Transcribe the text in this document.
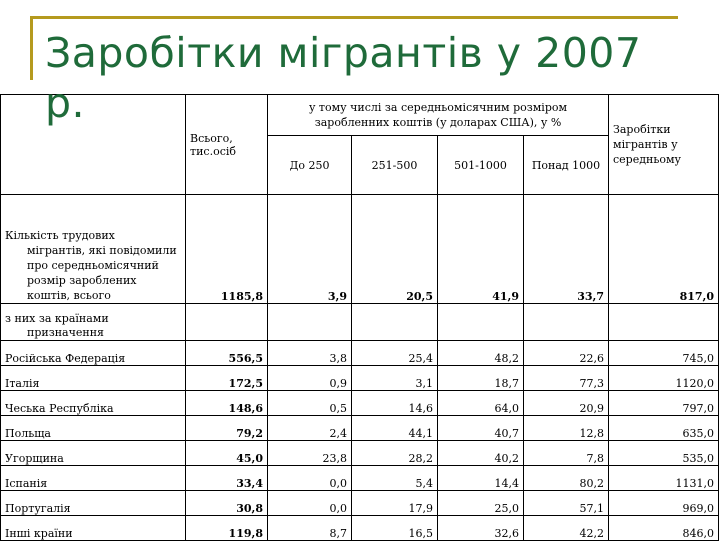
Заробітки мігрантів у 2007 р.
	Всього, тис.осіб	у тому числі за середньомісячним розміром заробленних коштів (у доларах США), у %				Заробітки мігрантів у середньому
		До 250	251-500	501-1000	Понад 1000	

Кількість трудових
мігрантів, які повідомили про середньомісячний розмір зароблених коштів, всього	1185,8	3,9	20,5	41,9	33,7	817,0

з них за країнами
призначення						

Російська Федерація	556,5	3,8	25,4	48,2	22,6	745,0
Італія	172,5	0,9	3,1	18,7	77,3	1120,0
Чеська Республіка	148,6	0,5	14,6	64,0	20,9	797,0
Польща	79,2	2,4	44,1	40,7	12,8	635,0
Угорщина	45,0	23,8	28,2	40,2	7,8	535,0
Іспанія	33,4	0,0	5,4	14,4	80,2	1131,0
Португалія	30,8	0,0	17,9	25,0	57,1	969,0
Інші країни	119,8	8,7	16,5	32,6	42,2	846,0
